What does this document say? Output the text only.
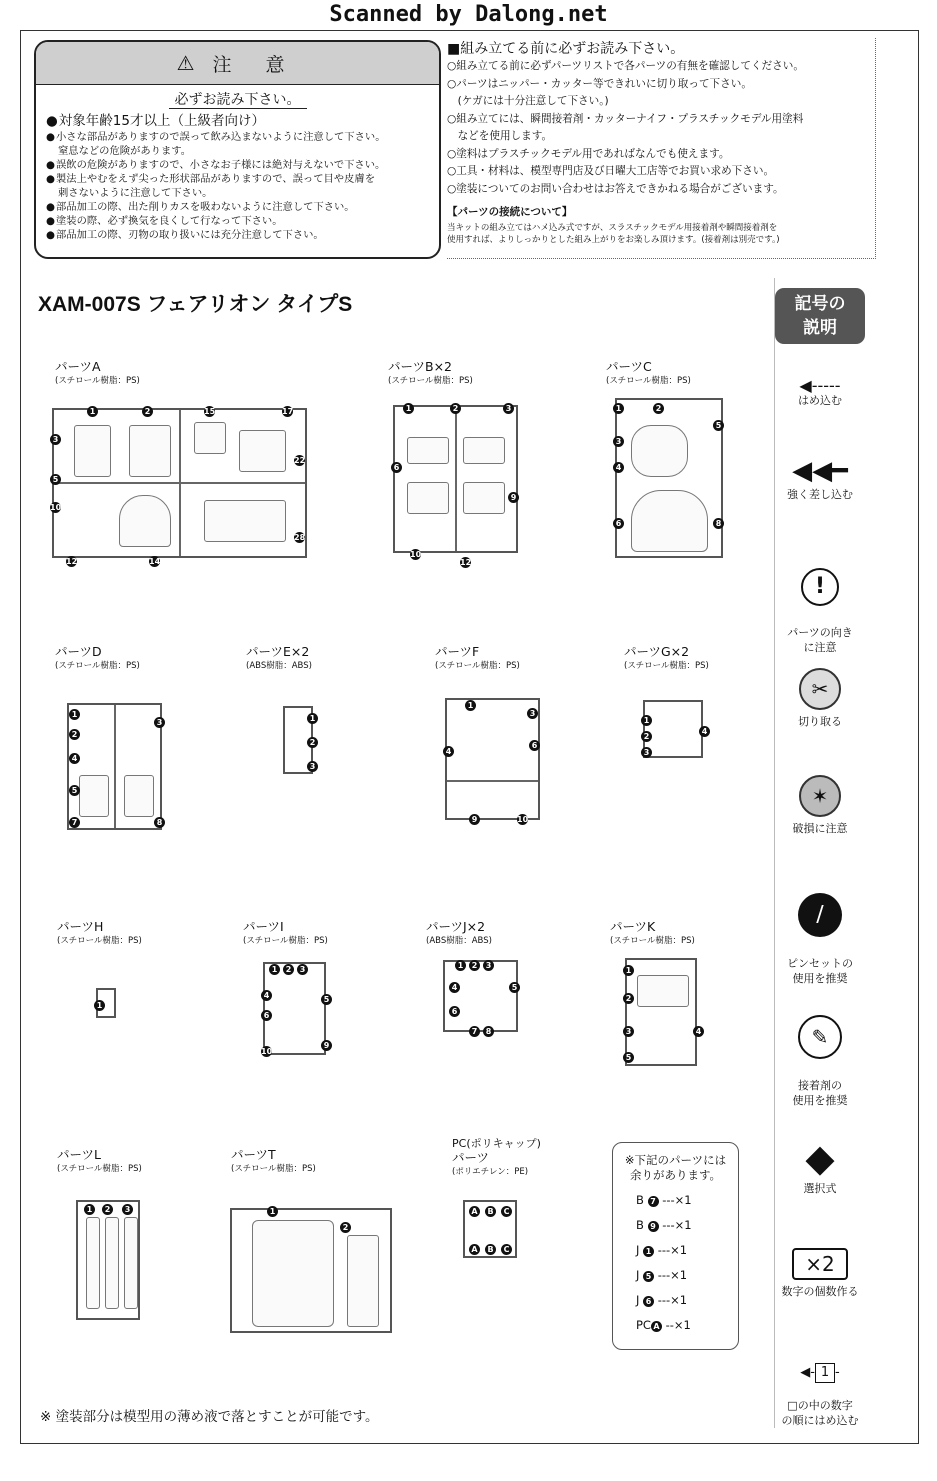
Scanned by Dalong.net
⚠ 注 意
必ずお読み下さい。
● 対象年齢15才以上（上級者向け）
● 小さな部品がありますので誤って飲み込まないように注意して下さい。
窒息などの危険があります。
● 誤飲の危険がありますので、小さなお子様には絶対与えないで下さい。
● 製法上やむをえず尖った形状部品がありますので、誤って目や皮膚を
刺さないように注意して下さい。
● 部品加工の際、出た削りカスを吸わないように注意して下さい。
● 塗装の際、必ず換気を良くして行なって下さい。
● 部品加工の際、刃物の取り扱いには充分注意して下さい。
■組み立てる前に必ずお読み下さい。

○組み立てる前に必ずパーツリストで各パーツの有無を確認してください。

○パーツはニッパー・カッター等できれいに切り取って下さい。

　(ケガには十分注意して下さい。)

○組み立てには、瞬間接着剤・カッターナイフ・プラスチックモデル用塗料

　などを使用します。

○塗料はプラスチックモデル用であればなんでも使えます。

○工具・材料は、模型専門店及び日曜大工店等でお買い求め下さい。

○塗装についてのお問い合わせはお答えできかねる場合がございます。

【パーツの接続について】

当キットの組み立てはハメ込み式ですが、スラスチックモデル用接着剤や瞬間接着剤を

使用すれば、よりしっかりとした組み上がりをお楽しみ頂けます。(接着剤は別売です。)

XAM-007S フェアリオン タイプS
パーツA
(スチロール樹脂：PS)
パーツB×2
(スチロール樹脂：PS)
パーツC
(スチロール樹脂：PS)
パーツD
(スチロール樹脂：PS)
パーツE×2
(ABS樹脂：ABS)
パーツF
(スチロール樹脂：PS)
パーツG×2
(スチロール樹脂：PS)
パーツH
(スチロール樹脂：PS)
パーツI
(スチロール樹脂：PS)
パーツJ×2
(ABS樹脂：ABS)
パーツK
(スチロール樹脂：PS)
パーツL
(スチロール樹脂：PS)
パーツT
(スチロール樹脂：PS)
PC(ポリキャップ)
パーツ
(ポリエチレン：PE)
1	2	15	17
3
5
10
12	14
22
28
1	2	3
6
9
10
12
1	2
5
3
4
6	8
1
2
4
5
7
3
8
1
2
3
1
3
4
6
9	10
1
2
3
4
1
1	2	3
4	5
6
9
10
1	2	3
4	5
6
7	8
1
2
3	4
5
1	2	3	1
2
A	B	C
A	B	C
記号の
説明
◀-----
はめ込む
◀◀━
強く差し込む

!

パーツの向き
に注意

✂
切り取る
✶
破損に注意

∕

ピンセットの
使用を推奨

✎

接着剤の
使用を推奨

◆
選択式
×2
数字の個数作る

◀- 1 -

□の中の数字
の順にはめ込む

※下記のパーツには
余りがあります。
B 7 ---×1
B 9 ---×1
J 1 ---×1
J 5 ---×1
J 6 ---×1
PC A --×1
※ 塗装部分は模型用の薄め液で落とすことが可能です。
